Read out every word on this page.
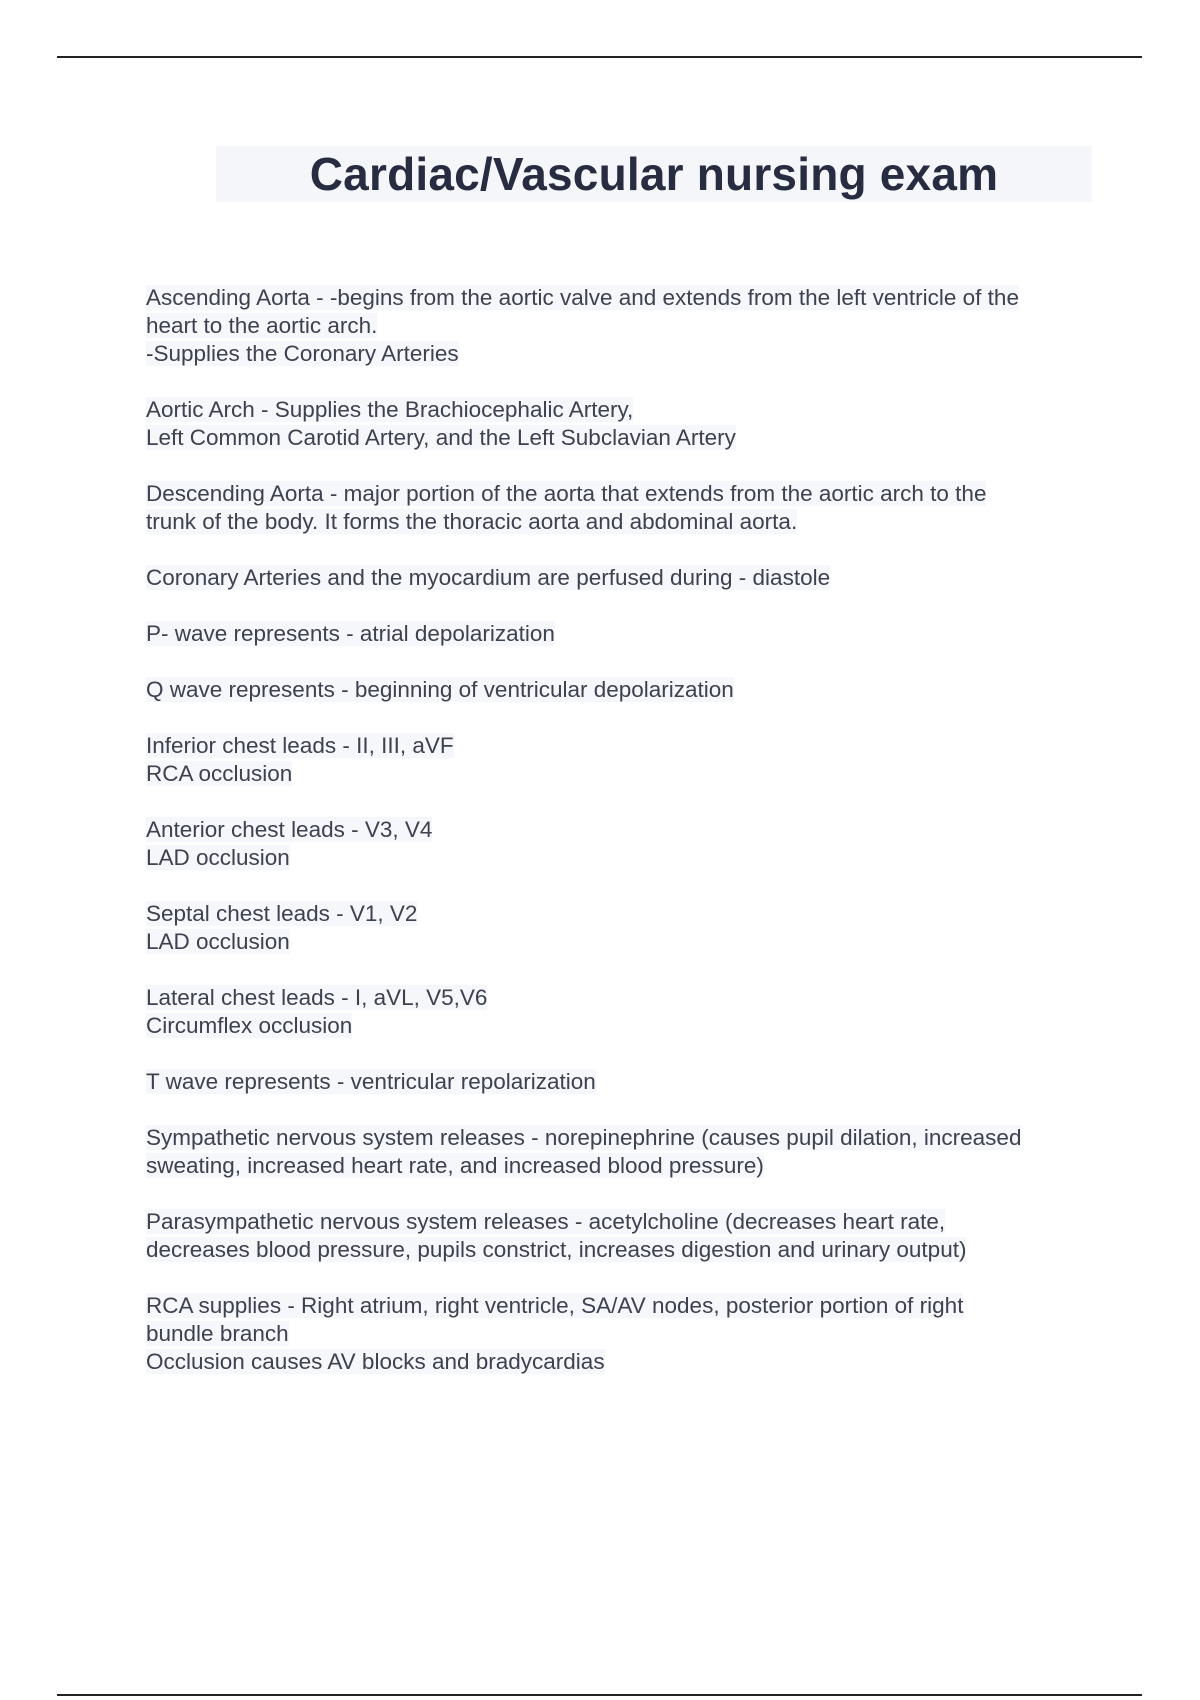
Cardiac/Vascular nursing exam
Ascending Aorta - -begins from the aortic valve and extends from the left ventricle of the
heart to the aortic arch.
-Supplies the Coronary Arteries
Aortic Arch - Supplies the Brachiocephalic Artery,
Left Common Carotid Artery, and the Left Subclavian Artery
Descending Aorta - major portion of the aorta that extends from the aortic arch to the
trunk of the body. It forms the thoracic aorta and abdominal aorta.
Coronary Arteries and the myocardium are perfused during - diastole
P- wave represents - atrial depolarization
Q wave represents - beginning of ventricular depolarization
Inferior chest leads - II, III, aVF
RCA occlusion
Anterior chest leads - V3, V4
LAD occlusion
Septal chest leads - V1, V2
LAD occlusion
Lateral chest leads - I, aVL, V5,V6
Circumflex occlusion
T wave represents - ventricular repolarization
Sympathetic nervous system releases - norepinephrine (causes pupil dilation, increased
sweating, increased heart rate, and increased blood pressure)
Parasympathetic nervous system releases - acetylcholine (decreases heart rate,
decreases blood pressure, pupils constrict, increases digestion and urinary output)
RCA supplies - Right atrium, right ventricle, SA/AV nodes, posterior portion of right
bundle branch
Occlusion causes AV blocks and bradycardias
